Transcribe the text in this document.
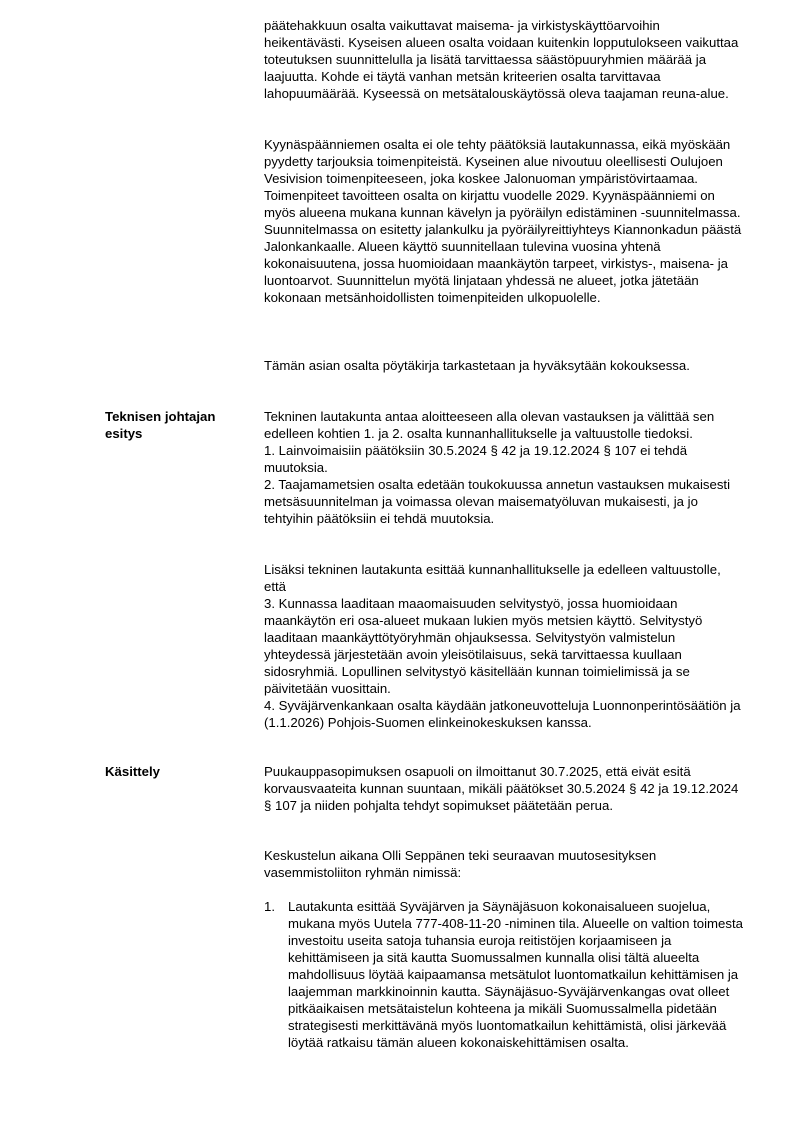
päätehakkuun osalta vaikuttavat maisema- ja virkistyskäyttöarvoihin heikentävästi. Kyseisen alueen osalta voidaan kuitenkin lopputulokseen vaikuttaa toteutuksen suunnittelulla ja lisätä tarvittaessa säästöpuuryhmien määrää ja laajuutta. Kohde ei täytä vanhan metsän kriteerien osalta tarvittavaa lahopuumäärää. Kyseessä on metsätalouskäytössä oleva taajaman reuna-alue.

Kyynäspäänniemen osalta ei ole tehty päätöksiä lautakunnassa, eikä myöskään pyydetty tarjouksia toimenpiteistä. Kyseinen alue nivoutuu oleellisesti Oulujoen Vesivision toimenpiteeseen, joka koskee Jalonuoman ympäristövirtaamaa. Toimenpiteet tavoitteen osalta on kirjattu vuodelle 2029. Kyynäspäänniemi on myös alueena mukana kunnan kävelyn ja pyöräilyn edistäminen -suunnitelmassa. Suunnitelmassa on esitetty jalankulku ja pyöräilyreittiyhteys Kiannonkadun päästä Jalonkankaalle. Alueen käyttö suunnitellaan tulevina vuosina yhtenä kokonaisuutena, jossa huomioidaan maankäytön tarpeet, virkistys-, maisena- ja luontoarvot. Suunnittelun myötä linjataan yhdessä ne alueet, jotka jätetään kokonaan metsänhoidollisten toimenpiteiden ulkopuolelle.

Tämän asian osalta pöytäkirja tarkastetaan ja hyväksytään kokouksessa.

Teknisen johtajan esitys

Tekninen lautakunta antaa aloitteeseen alla olevan vastauksen ja välittää sen edelleen kohtien 1. ja 2. osalta kunnanhallitukselle ja valtuustolle tiedoksi.

1. Lainvoimaisiin päätöksiin 30.5.2024 § 42 ja 19.12.2024 § 107 ei tehdä muutoksia.

2. Taajamametsien osalta edetään toukokuussa annetun vastauksen mukaisesti metsäsuunnitelman ja voimassa olevan maisematyöluvan mukaisesti, ja jo tehtyihin päätöksiin ei tehdä muutoksia.

Lisäksi tekninen lautakunta esittää kunnanhallitukselle ja edelleen valtuustolle, että

3. Kunnassa laaditaan maaomaisuuden selvitystyö, jossa huomioidaan maankäytön eri osa-alueet mukaan lukien myös metsien käyttö. Selvitystyö laaditaan maankäyttötyöryhmän ohjauksessa. Selvitystyön valmistelun yhteydessä järjestetään avoin yleisötilaisuus, sekä tarvittaessa kuullaan sidosryhmiä. Lopullinen selvitystyö käsitellään kunnan toimielimissä ja se päivitetään vuosittain.

4. Syväjärvenkankaan osalta käydään jatkoneuvotteluja Luonnonperintösäätiön ja (1.1.2026) Pohjois-Suomen elinkeinokeskuksen kanssa.

Käsittely	Puukauppasopimuksen osapuoli on ilmoittanut 30.7.2025, että eivät esitä korvausvaateita kunnan suuntaan, mikäli päätökset 30.5.2024 § 42 ja 19.12.2024 § 107 ja niiden pohjalta tehdyt sopimukset päätetään perua.

Keskustelun aikana Olli Seppänen teki seuraavan muutosesityksen vasemmistoliiton ryhmän nimissä:

1. Lautakunta esittää Syväjärven ja Säynäjäsuon kokonaisalueen suojelua, mukana myös Uutela 777-408-11-20 -niminen tila. Alueelle on valtion toimesta investoitu useita satoja tuhansia euroja reitistöjen korjaamiseen ja kehittämiseen ja sitä kautta Suomussalmen kunnalla olisi tältä alueelta mahdollisuus löytää kaipaamansa metsätulot luontomatkailun kehittämisen ja laajemman markkinoinnin kautta. Säynäjäsuo-Syväjärvenkangas ovat olleet pitkäaikaisen metsätaistelun kohteena ja mikäli Suomussalmella pidetään strategisesti merkittävänä myös luontomatkailun kehittämistä, olisi järkevää löytää ratkaisu tämän alueen kokonaiskehittämisen osalta.
